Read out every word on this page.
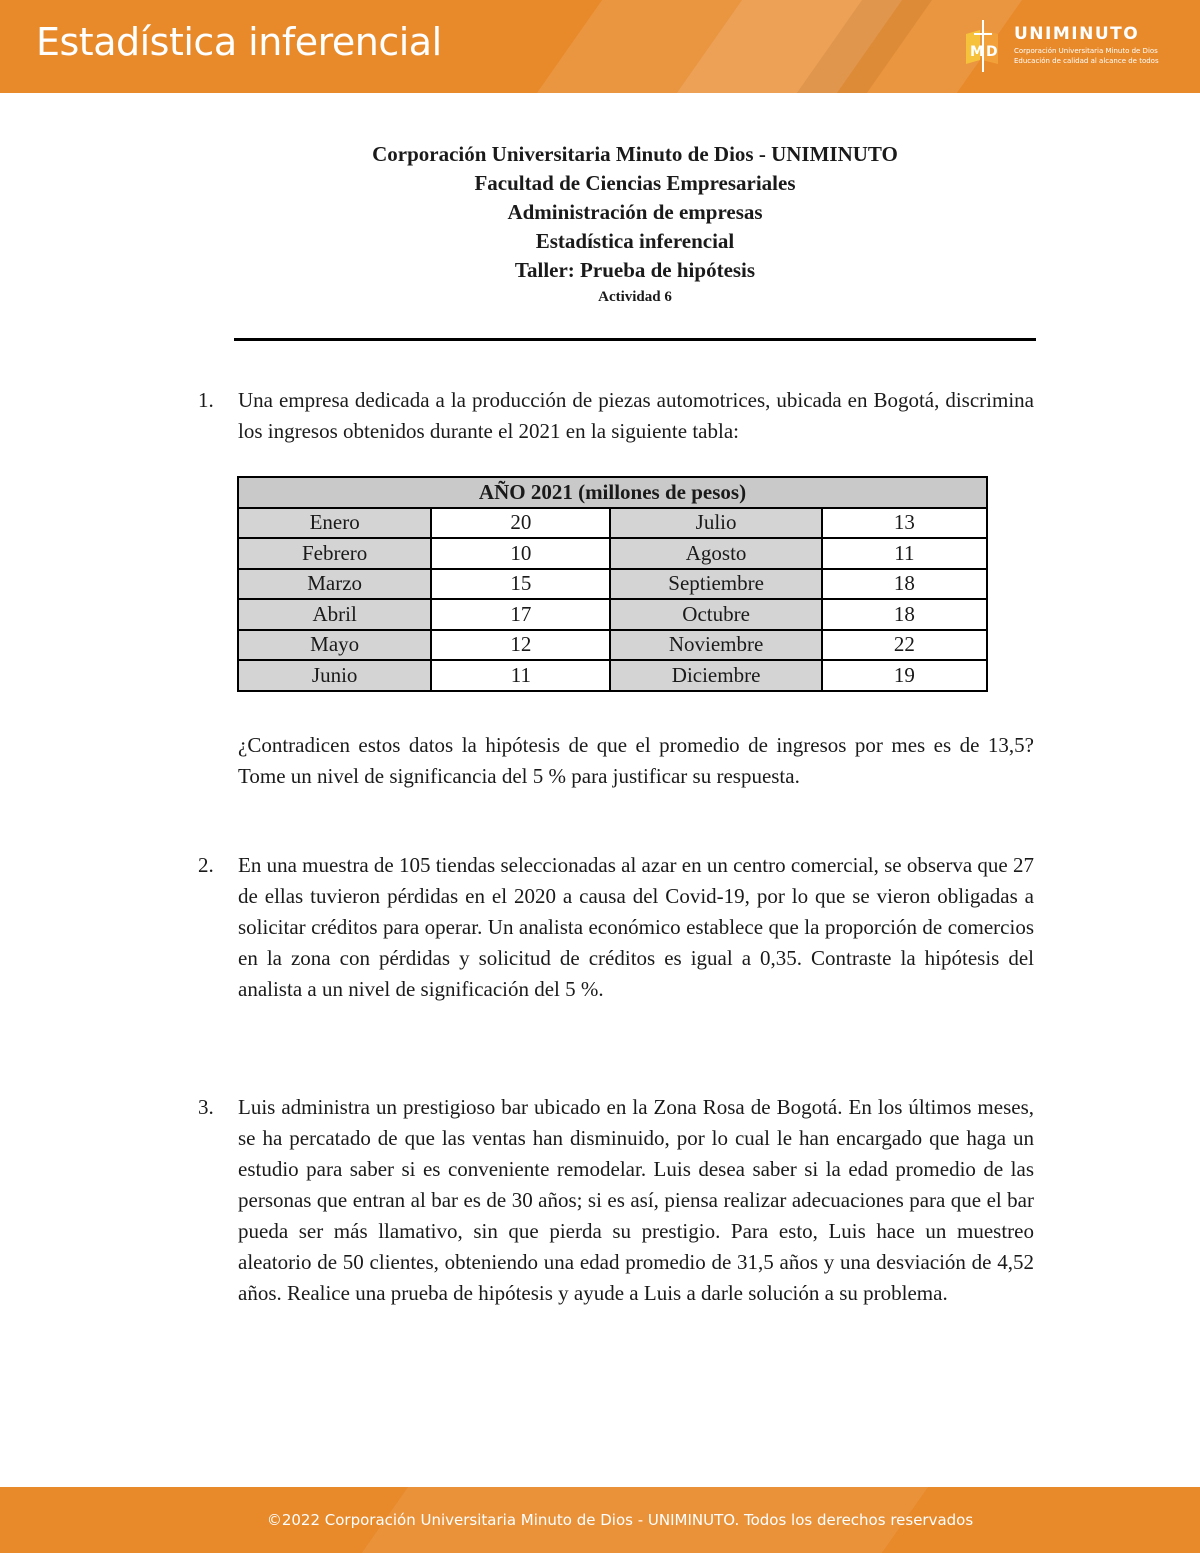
Estadística inferencial	M D
UNIMINUTO
Corporación Universitaria Minuto de Dios
Educación de calidad al alcance de todos
Corporación Universitaria Minuto de Dios - UNIMINUTO
Facultad de Ciencias Empresariales
Administración de empresas
Estadística inferencial
Taller: Prueba de hipótesis
Actividad 6
1. Una empresa dedicada a la producción de piezas automotrices, ubicada en Bogotá, discrimina los ingresos obtenidos durante el 2021 en la siguiente tabla:
AÑO 2021 (millones de pesos)			
Enero	20	Julio	13
Febrero	10	Agosto	11
Marzo	15	Septiembre	18
Abril	17	Octubre	18
Mayo	12	Noviembre	22
Junio	11	Diciembre	19
¿Contradicen estos datos la hipótesis de que el promedio de ingresos por mes es de 13,5? Tome un nivel de significancia del 5 % para justificar su respuesta.
2. En una muestra de 105 tiendas seleccionadas al azar en un centro comercial, se observa que 27 de ellas tuvieron pérdidas en el 2020 a causa del Covid-19, por lo que se vieron obligadas a solicitar créditos para operar. Un analista económico establece que la proporción de comercios en la zona con pérdidas y solicitud de créditos es igual a 0,35. Contraste la hipótesis del analista a un nivel de significación del 5 %.
3. Luis administra un prestigioso bar ubicado en la Zona Rosa de Bogotá. En los últimos meses, se ha percatado de que las ventas han disminuido, por lo cual le han encargado que haga un estudio para saber si es conveniente remodelar. Luis desea saber si la edad promedio de las personas que entran al bar es de 30 años; si es así, piensa realizar adecuaciones para que el bar pueda ser más llamativo, sin que pierda su prestigio. Para esto, Luis hace un muestreo aleatorio de 50 clientes, obteniendo una edad promedio de 31,5 años y una desviación de 4,52 años. Realice una prueba de hipótesis y ayude a Luis a darle solución a su problema.
©2022 Corporación Universitaria Minuto de Dios - UNIMINUTO. Todos los derechos reservados
